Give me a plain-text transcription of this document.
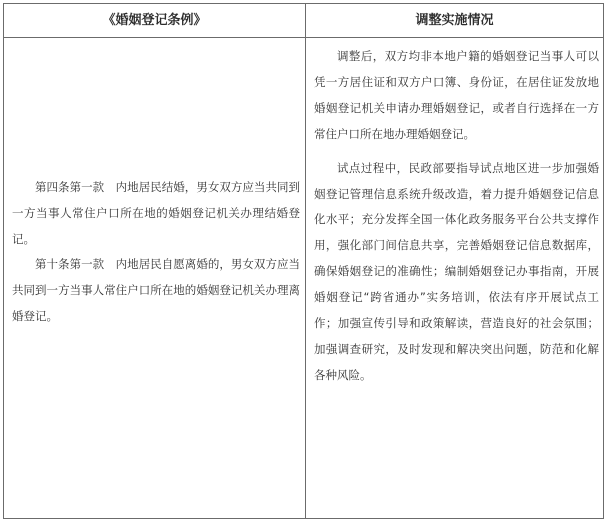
《婚姻登记条例》	调整实施情况

第四条第一款　内地居民结婚，男女双方应当共同到一方当事人常住户口所在地的婚姻登记机关办理结婚登记。

第十条第一款　内地居民自愿离婚的，男女双方应当共同到一方当事人常住户口所在地的婚姻登记机关办理离婚登记。

调整后，双方均非本地户籍的婚姻登记当事人可以凭一方居住证和双方户口簿、身份证，在居住证发放地婚姻登记机关申请办理婚姻登记，或者自行选择在一方常住户口所在地办理婚姻登记。

试点过程中，民政部要指导试点地区进一步加强婚姻登记管理信息系统升级改造，着力提升婚姻登记信息化水平；充分发挥全国一体化政务服务平台公共支撑作用，强化部门间信息共享，完善婚姻登记信息数据库，确保婚姻登记的准确性；编制婚姻登记办事指南，开展婚姻登记“跨省通办”实务培训，依法有序开展试点工作；加强宣传引导和政策解读，营造良好的社会氛围；加强调查研究，及时发现和解决突出问题，防范和化解各种风险。
